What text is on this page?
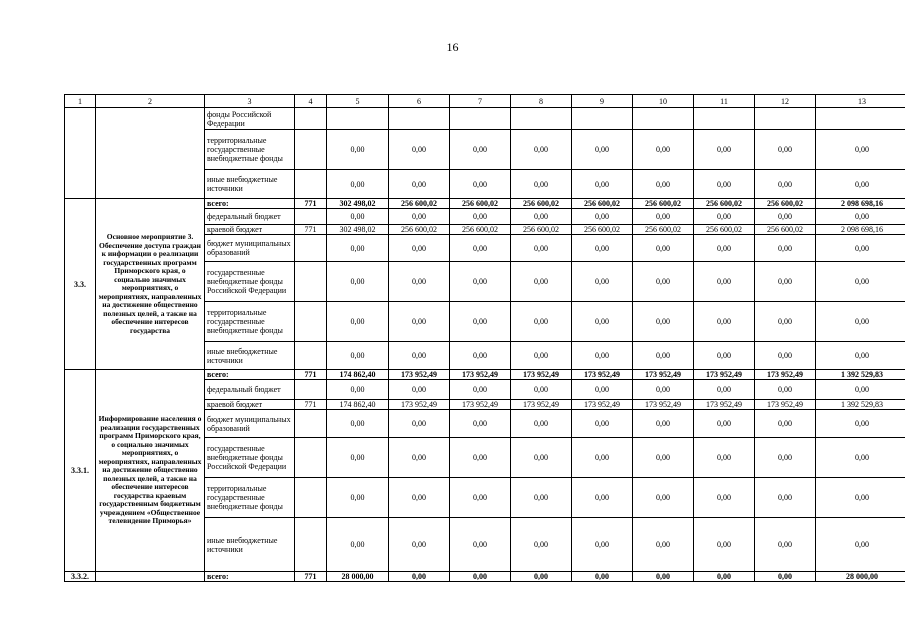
16
1	2	3	4	5	6	7	8	9	10	11	12	13
		фонды Российской Федерации										
		территориальные государственные внебюджетные фонды		0,00	0,00	0,00	0,00	0,00	0,00	0,00	0,00	0,00
		иные внебюджетные источники		0,00	0,00	0,00	0,00	0,00	0,00	0,00	0,00	0,00
3.3.	Основное мероприятие 3. Обеспечение доступа граждан к информации о реализации государственных программ Приморского края, о социально значимых мероприятиях, о мероприятиях, направленных на достижение общественно полезных целей, а также на обеспечение интересов государства	всего:	771	302 498,02	256 600,02	256 600,02	256 600,02	256 600,02	256 600,02	256 600,02	256 600,02	2 098 698,16
		федеральный бюджет		0,00	0,00	0,00	0,00	0,00	0,00	0,00	0,00	0,00
		краевой бюджет	771	302 498,02	256 600,02	256 600,02	256 600,02	256 600,02	256 600,02	256 600,02	256 600,02	2 098 698,16
		бюджет муниципальных образований		0,00	0,00	0,00	0,00	0,00	0,00	0,00	0,00	0,00
		государственные внебюджетные фонды Российской Федерации		0,00	0,00	0,00	0,00	0,00	0,00	0,00	0,00	0,00
		территориальные государственные внебюджетные фонды		0,00	0,00	0,00	0,00	0,00	0,00	0,00	0,00	0,00
		иные внебюджетные источники		0,00	0,00	0,00	0,00	0,00	0,00	0,00	0,00	0,00
3.3.1.	Информирование населения о реализации государственных программ Приморского края, о социально значимых мероприятиях, о мероприятиях, направленных на достижение общественно полезных целей, а также на обеспечение интересов государства краевым государственным бюджетным учреждением «Общественное телевидение Приморья»	всего:	771	174 862,40	173 952,49	173 952,49	173 952,49	173 952,49	173 952,49	173 952,49	173 952,49	1 392 529,83
		федеральный бюджет		0,00	0,00	0,00	0,00	0,00	0,00	0,00	0,00	0,00
		краевой бюджет	771	174 862,40	173 952,49	173 952,49	173 952,49	173 952,49	173 952,49	173 952,49	173 952,49	1 392 529,83
		бюджет муниципальных образований		0,00	0,00	0,00	0,00	0,00	0,00	0,00	0,00	0,00
		государственные внебюджетные фонды Российской Федерации		0,00	0,00	0,00	0,00	0,00	0,00	0,00	0,00	0,00
		территориальные государственные внебюджетные фонды		0,00	0,00	0,00	0,00	0,00	0,00	0,00	0,00	0,00
		иные внебюджетные источники		0,00	0,00	0,00	0,00	0,00	0,00	0,00	0,00	0,00
3.3.2.		всего:	771	28 000,00	0,00	0,00	0,00	0,00	0,00	0,00	0,00	28 000,00
